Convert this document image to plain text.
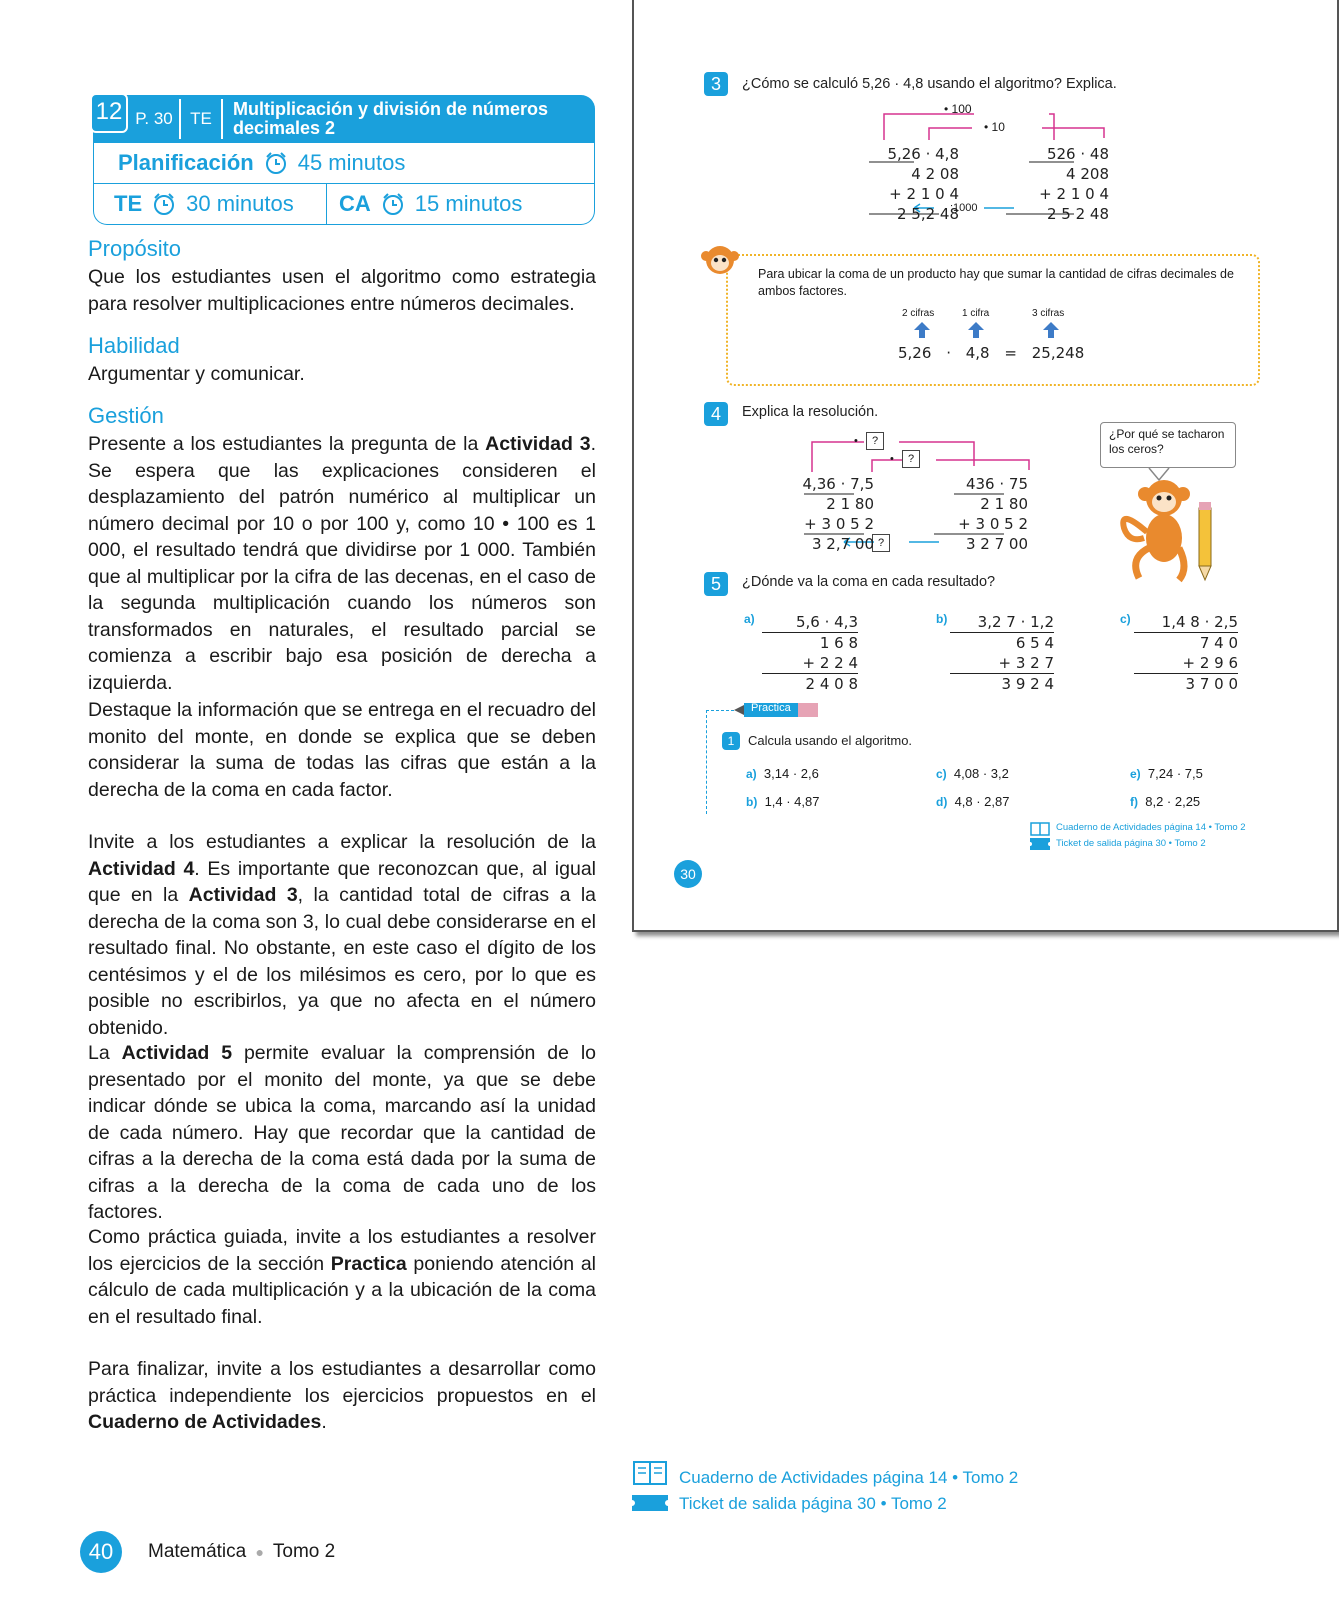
12 P. 30	TE	Multiplicación y división de números decimales 2
Planificación 45 minutos
TE 30 minutos CA 15 minutos
Propósito
Que los estudiantes usen el algoritmo como estrategia para resolver multiplicaciones entre números decimales.
Habilidad
Argumentar y comunicar.
Gestión
Presente a los estudiantes la pregunta de la Actividad 3. Se espera que las explicaciones consideren el desplazamiento del patrón numérico al multiplicar un número decimal por 10 o por 100 y, como 10 • 100 es 1 000, el resultado tendrá que dividirse por 1 000. También que al multiplicar por la cifra de las decenas, en el caso de la segunda multiplicación cuando los números son transformados en naturales, el resultado parcial se comienza a escribir bajo esa posición de derecha a izquierda.
Destaque la información que se entrega en el recuadro del monito del monte, en donde se explica que se deben considerar la suma de todas las cifras que están a la derecha de la coma en cada factor.
Invite a los estudiantes a explicar la resolución de la Actividad 4. Es importante que reconozcan que, al igual que en la Actividad 3, la cantidad total de cifras a la derecha de la coma son 3, lo cual debe considerarse en el resultado final. No obstante, en este caso el dígito de los centésimos y el de los milésimos es cero, por lo que es posible no escribirlos, ya que no afecta en el número obtenido.
La Actividad 5 permite evaluar la comprensión de lo presentado por el monito del monte, ya que se debe indicar dónde se ubica la coma, marcando así la unidad de cada número. Hay que recordar que la cantidad de cifras a la derecha de la coma está dada por la suma de cifras a la derecha de la coma de cada uno de los factores.
Como práctica guiada, invite a los estudiantes a resolver los ejercicios de la sección Practica poniendo atención al cálculo de cada multiplicación y a la ubicación de la coma en el resultado final.
Para finalizar, invite a los estudiantes a desarrollar como práctica independiente los ejercicios propuestos en el Cuaderno de Actividades.
3	¿Cómo se calculó 5,26 · 4,8 usando el algoritmo? Explica.
• 100
• 10
5,26 · 4,8
4 2 08
+ 2 1 0 4
2 5,2 48
:1000
526 · 48
4 208
+ 2 1 0 4
2 5 2 48
Para ubicar la coma de un producto hay que sumar la cantidad de cifras decimales de ambos factores.
2 cifras	1 cifra	3 cifras
5,26 · 4,8 = 25,248
4	Explica la resolución.
•	?
•	?
?
4,36 · 7,5
2 1 80
+ 3 0 5 2
3 2,7 00
436 · 75
2 1 80
+ 3 0 5 2
3 2 7 00
¿Por qué se tacharon los ceros?
5	¿Dónde va la coma en cada resultado?
a)	5,6 · 4,3
1 6 8
+ 2 2 4
2 4 0 8
b)	3,2 7 · 1,2
6 5 4
+ 3 2 7
3 9 2 4
c)	1,4 8 · 2,5
7 4 0
+ 2 9 6
3 7 0 0
Practica
1	Calcula usando el algoritmo.
a) 3,14 · 2,6	c) 4,08 · 3,2	e) 7,24 · 7,5
b) 1,4 · 4,87	d) 4,8 · 2,87	f) 8,2 · 2,25
Cuaderno de Actividades página 14 • Tomo 2
Ticket de salida página 30 • Tomo 2
30
Cuaderno de Actividades página 14 • Tomo 2
Ticket de salida página 30 • Tomo 2
40	Matemática ● Tomo 2
